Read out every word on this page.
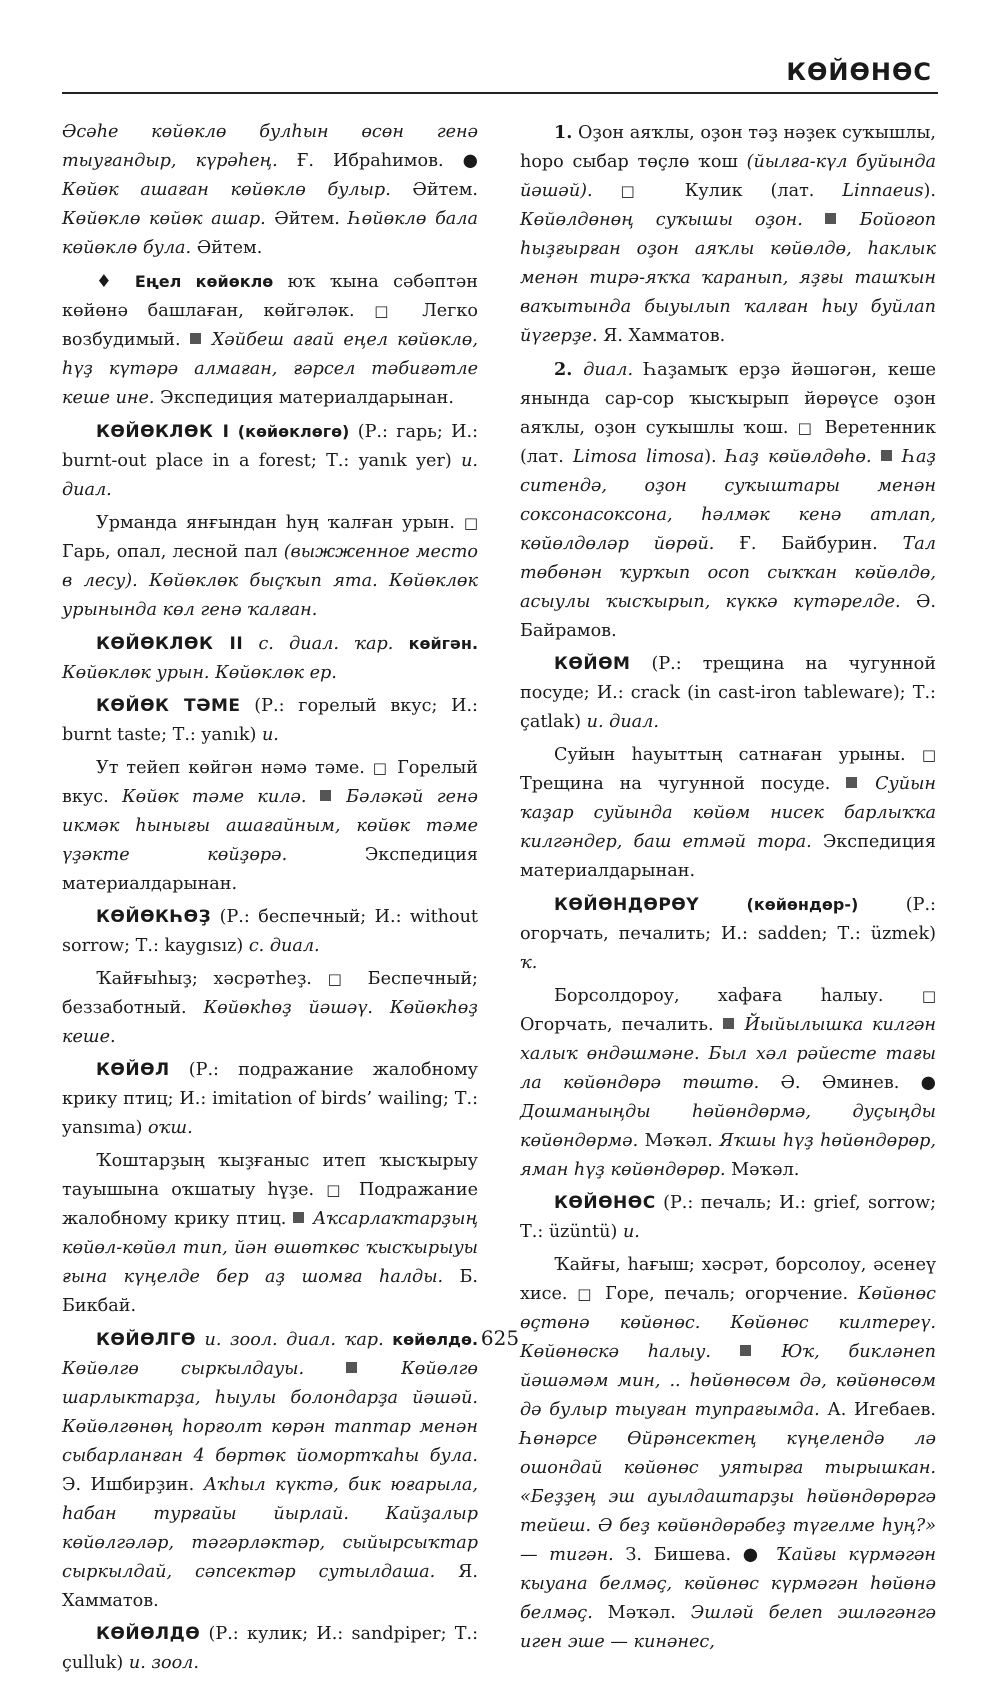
КӨЙӨНӨС

Әсәһе көйөклө булһын өсөн генә тыуғандыр, күрәһең. Ғ. Ибраһимов. ● Көйөк ашаған көйөклө булыр. Әйтем. Көйөклө көйөк ашар. Әйтем. Һөйөклө бала көйөклө була. Әйтем.

♦ Еңел көйөклө юҡ ҡына сәбәптән көйөнә башлаған, көйгәләк. □ Легко возбудимый.  Хәйбеш ағай еңел көйөклө, һүҙ күтәрә алмаған, ғәрсел тәбиғәтле кеше ине. Экспедиция материалдарынан.

КӨЙӨКЛӨК I (көйөклөгө) (Р.: гарь; И.: burnt-out place in a forest; Т.: yanık yer) и. диал.

Урманда янғындан һуң ҡалған урын. □ Гарь, опал, лесной пал (выжженное место в лесу). Көйөклөк быҫҡып ята. Көйөклөк урынында көл генә ҡалған.

КӨЙӨКЛӨК II с. диал. ҡар. көйгән. Көйөклөк урын. Көйөклөк ер.

КӨЙӨК ТӘМЕ (Р.: горелый вкус; И.: burnt taste; Т.: yanık) и.

Ут тейеп көйгән нәмә тәме. □ Горелый вкус. Көйөк тәме килә. Бәләкәй генә икмәк һынығы ашағайным, көйөк тәме үҙәкте көйҙөрә. Экспедиция материалдарынан.

КӨЙӨКҺӨҘ (Р.: беспечный; И.: without sorrow; Т.: kaygısız) с. диал.

Ҡайғыһыҙ; хәсрәтһеҙ. □ Беспечный; беззаботный. Көйөкһөҙ йәшәү. Көйөкһөҙ кеше.

КӨЙӨЛ (Р.: подражание жалобному крику птиц; И.: imitation of birds’ wailing; Т.: yansıma) оҡш.

Ҡоштарҙың ҡыҙғаныс итеп ҡысҡырыу тауышына оҡшатыу һүҙе. □ Подражание жалобному крику птиц.  Аҡсарлаҡтарҙың көйөл-көйөл тип, йән өшөткөс ҡысҡырыуы ғына күңелде бер аҙ шомға һалды. Б. Бикбай.

КӨЙӨЛГӨ и. зоол. диал. ҡар. көйөлдө. Көйөлгө сыркылдауы.	Көйөлгө шарлыктарҙа, һыулы болондарҙа йәшәй. Көйөлгөнөң һорғолт көрән таптар менән сыбарланған 4 бөртөк йомортҡаһы була. Э. Ишбирҙин. Аҡһыл күктә, бик юғарыла, һабан турғайы йырлай. Кайҙалыр көйөлгәләр, тәгәрләктәр, сыйырсыҡтар сыркылдай, сәпсектәр сутылдаша. Я. Хамматов.

КӨЙӨЛДӨ (Р.: кулик; И.: sandpiper; Т.: çulluk) и. зоол.

1. Оҙон аяҡлы, оҙон тәҙ нәҙек суҡышлы, һоро сыбар төҫлө ҡош (йылға-күл буйында йәшәй). □ Кулик (лат. Linnaeus). Көйөлдөнөң суҡышы оҙон.	Бойоғоп һыҙғырған оҙон аяҡлы көйөлдө, һаклык менән тирә-яҡҡа ҡаранып, яҙғы ташҡын ваҡытында быуылып ҡалған һыу буйлап йүгерҙе. Я. Хамматов.

2. диал. Һаҙамыҡ ерҙә йәшәгән, кеше янында сар-сор ҡысҡырып йөрөүсе оҙон аяҡлы, оҙон суҡышлы ҡош. □ Веретенник (лат. Limosa limosa). Һаҙ көйөлдөһө. Һаҙ ситендә, оҙон суҡыштары менән соксонасоксона, һәлмәк кенә атлап, көйөлдөләр йөрөй. Ғ. Байбурин. Тал төбөнән ҡурҡып осоп сыҡҡан көйөлдө, асыулы ҡысҡырып, күккә күтәрелде. Ә. Байрамов.

КӨЙӨМ (Р.: трещина на чугунной посуде; И.: crack (in cast-iron tableware); Т.: çatlak) и. диал.

Суйын һауыттың сатнаған урыны. □ Трещина на чугунной посуде.  Суйын ҡаҙар суйында көйөм нисек барлыҡҡа килгәндер, баш етмәй тора. Экспедиция материалдарынан.

КӨЙӨНДӨРӨҮ	(көйөндөр-) (Р.: огорчать, печалить; И.: sadden; Т.: üzmek) ҡ.

Борсолдороу, хафаға һалыу. □ Огорчать, печалить.  Йыйылышка килгән халыҡ өндәшмәне. Был хәл рәйесте тағы ла көйөндөрә төштө. Ә. Әминев. ● Дошманыңды һөйөндөрмә, дуҫыңды көйөндөрмә. Мәҡәл. Яҡшы һүҙ һөйөндөрөр, яман һүҙ көйөндөрөр. Мәҡәл.

КӨЙӨНӨС (Р.: печаль; И.: grief, sorrow; Т.: üzüntü) и.

Ҡайғы, һағыш; хәсрәт, борсолоу, әсенеү хисе. □ Горе, печаль; огорчение. Көйөнөс өҫтөнә көйөнөс. Көйөнөс килтереү. Көйөнөскә һалыу.	Юҡ, бикләнеп йәшәмәм мин, .. һөйөнөсөм дә, көйөнөсөм дә булыр тыуған тупрағымда. А. Игебаев. Һөнәрсе Өйрәнсектең күңелендә лә ошондай көйөнөс уятырға тырышкан. «Беҙҙең эш ауылдаштарҙы һөйөндөрөргә тейеш. Ә беҙ көйөндөрәбеҙ түгелме һуң?» — тигән. З. Бишева. ● Ҡайғы күрмәгән кыуана белмәҫ, көйөнөс күрмәгән һөйөнә белмәҫ. Мәҡәл. Эшләй белеп эшләгәнгә иген эше — кинәнес,

625
